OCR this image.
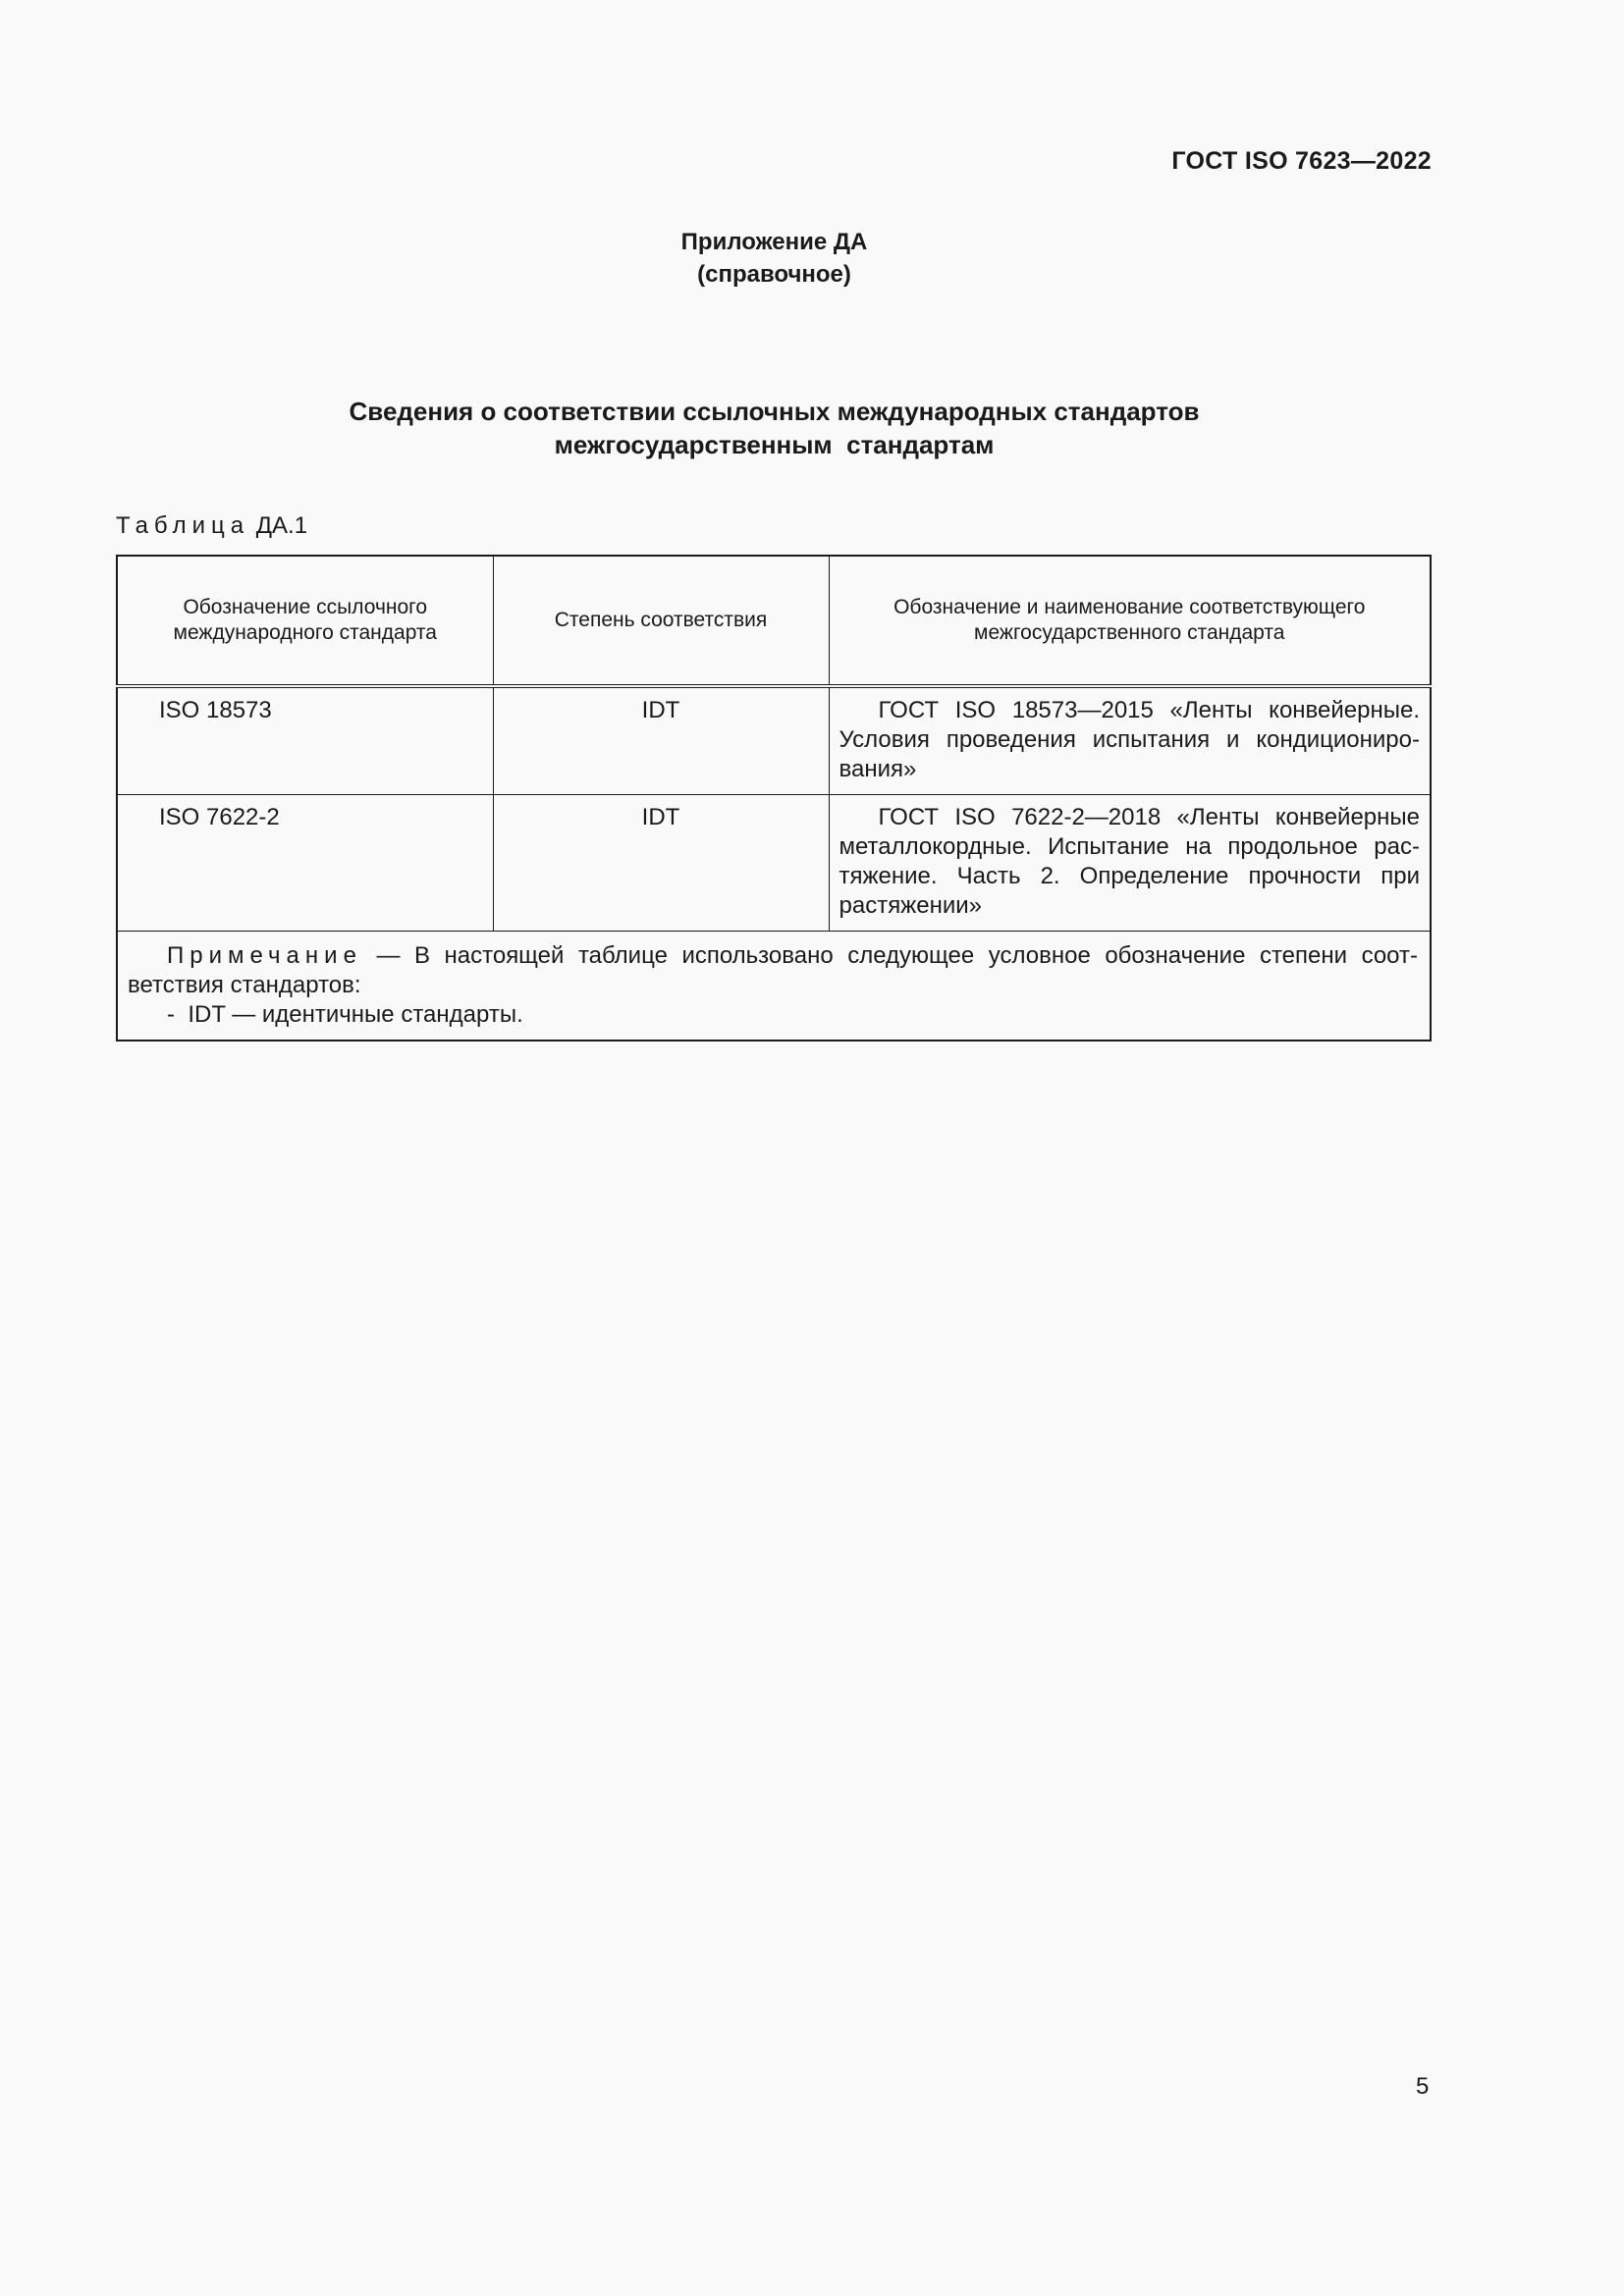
ГОСТ ISO 7623—2022
Приложение ДА
(справочное)
Сведения о соответствии ссылочных международных стандартов
межгосударственным  стандартам
Таблица ДА.1
Обозначение ссылочного международного стандарта	Степень соответствия	Обозначение и наименование соответствующего межгосударственного стандарта
ISO 18573	IDT	ГОСТ ISO 18573—2015 «Ленты конвейерные. Условия проведения испытания и кондиционирования»
ISO 7622-2	IDT	ГОСТ ISO 7622-2—2018 «Ленты конвейерные металлокордные. Испытание на продольное растяжение. Часть 2. Определение прочности при растяжении»

Примечание — В настоящей таблице использовано следующее условное обозначение степени соответствия стандартов:
-  IDT — идентичные стандарты.		
5
